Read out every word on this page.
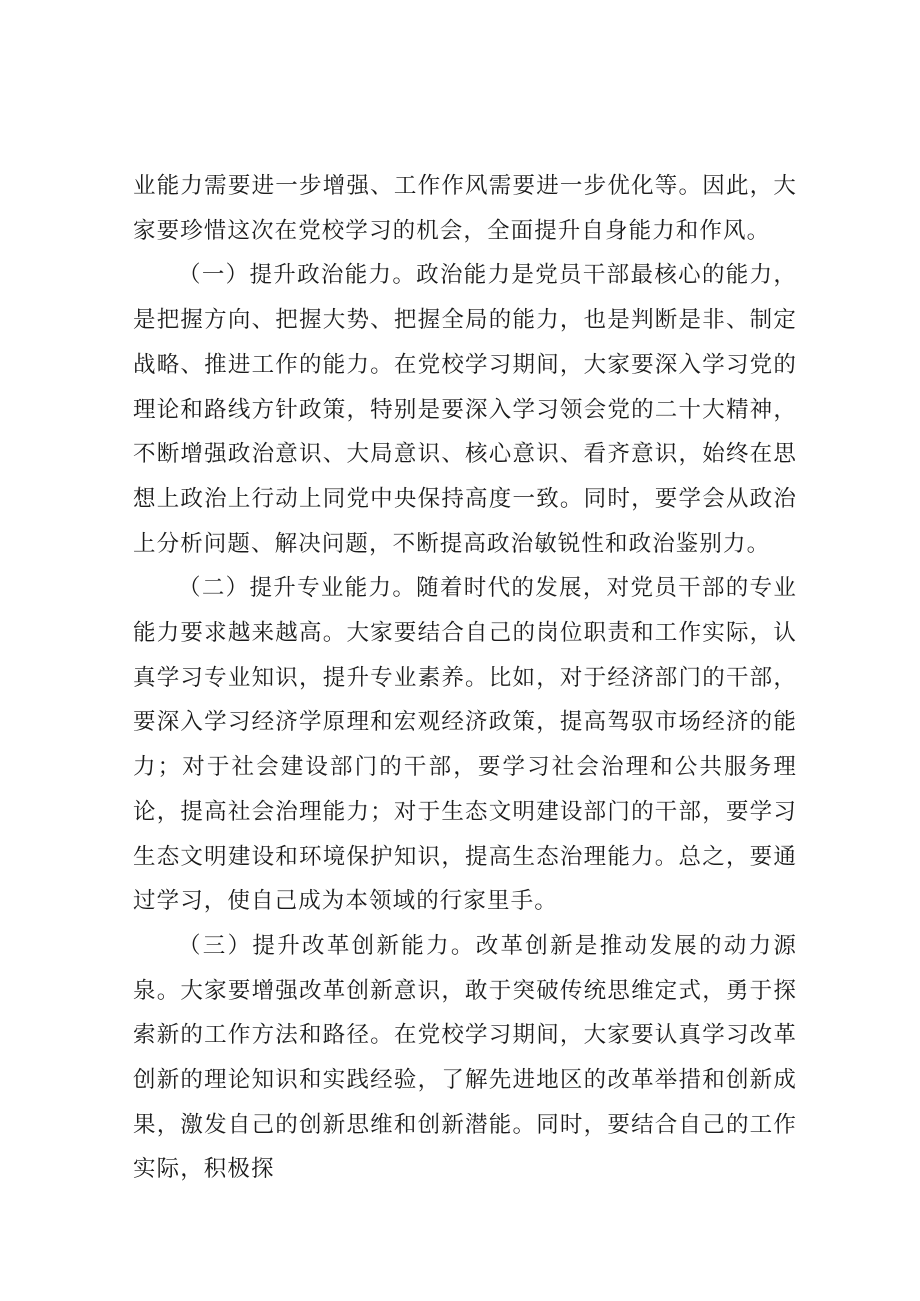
业能力需要进一步增强、工作作风需要进一步优化等。因此，大家要珍惜这次在党校学习的机会，全面提升自身能力和作风。

（一）提升政治能力。政治能力是党员干部最核心的能力，是把握方向、把握大势、把握全局的能力，也是判断是非、制定战略、推进工作的能力。在党校学习期间，大家要深入学习党的理论和路线方针政策，特别是要深入学习领会党的二十大精神，不断增强政治意识、大局意识、核心意识、看齐意识，始终在思想上政治上行动上同党中央保持高度一致。同时，要学会从政治上分析问题、解决问题，不断提高政治敏锐性和政治鉴别力。

（二）提升专业能力。随着时代的发展，对党员干部的专业能力要求越来越高。大家要结合自己的岗位职责和工作实际，认真学习专业知识，提升专业素养。比如，对于经济部门的干部，要深入学习经济学原理和宏观经济政策，提高驾驭市场经济的能力；对于社会建设部门的干部，要学习社会治理和公共服务理论，提高社会治理能力；对于生态文明建设部门的干部，要学习生态文明建设和环境保护知识，提高生态治理能力。总之，要通过学习，使自己成为本领域的行家里手。

（三）提升改革创新能力。改革创新是推动发展的动力源泉。大家要增强改革创新意识，敢于突破传统思维定式，勇于探索新的工作方法和路径。在党校学习期间，大家要认真学习改革创新的理论知识和实践经验，了解先进地区的改革举措和创新成果，激发自己的创新思维和创新潜能。同时，要结合自己的工作实际，积极探
